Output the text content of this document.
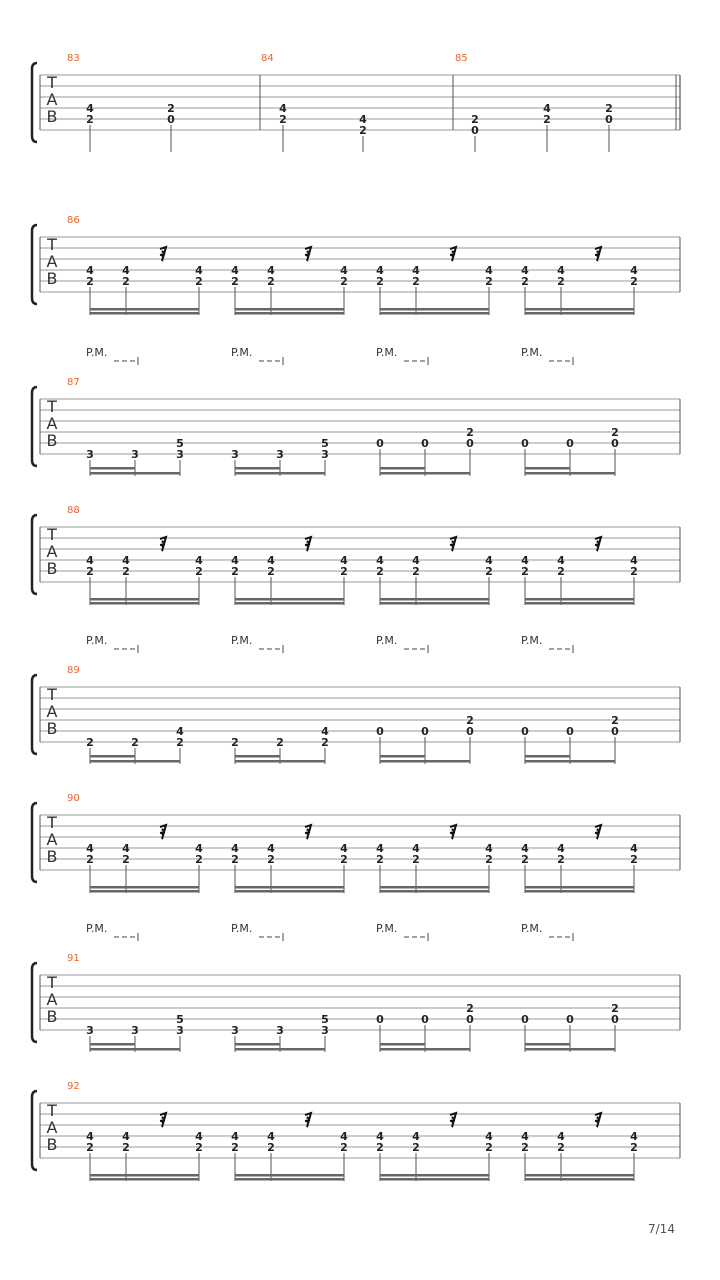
T
A
B
83
4
2
2
0
84
4
2	4
2
85
2
0
4
2
2
0
T
A
B
86
4
2
4
2
4
2
𝄿
4
2
4
2
4
2
𝄿
4
2
4
2
4
2
𝄿
4
2
4
2
4
2
𝄿
P.M.	P.M.	P.M.	P.M.
T
A
B
87
3	3
5
3	3	3
5
3
0	0
2
0	0	0
2
0
T
A
B
88
4
2
4
2
4
2
𝄿
4
2
4
2
4
2
𝄿
4
2
4
2
4
2
𝄿
4
2
4
2
4
2
𝄿
P.M.	P.M.	P.M.	P.M.
T
A
B
89
2	2
4
2	2	2
4
2
0	0
2
0	0	0
2
0
T
A
B
90
4
2
4
2
4
2
𝄿
4
2
4
2
4
2
𝄿
4
2
4
2
4
2
𝄿
4
2
4
2
4
2
𝄿
P.M.	P.M.	P.M.	P.M.
T
A
B
91
3	3
5
3	3	3
5
3
0	0
2
0	0	0
2
0
T
A
B
92
4
2
4
2
4
2
𝄿
4
2
4
2
4
2
𝄿
4
2
4
2
4
2
𝄿
4
2
4
2
4
2
𝄿
7/14
